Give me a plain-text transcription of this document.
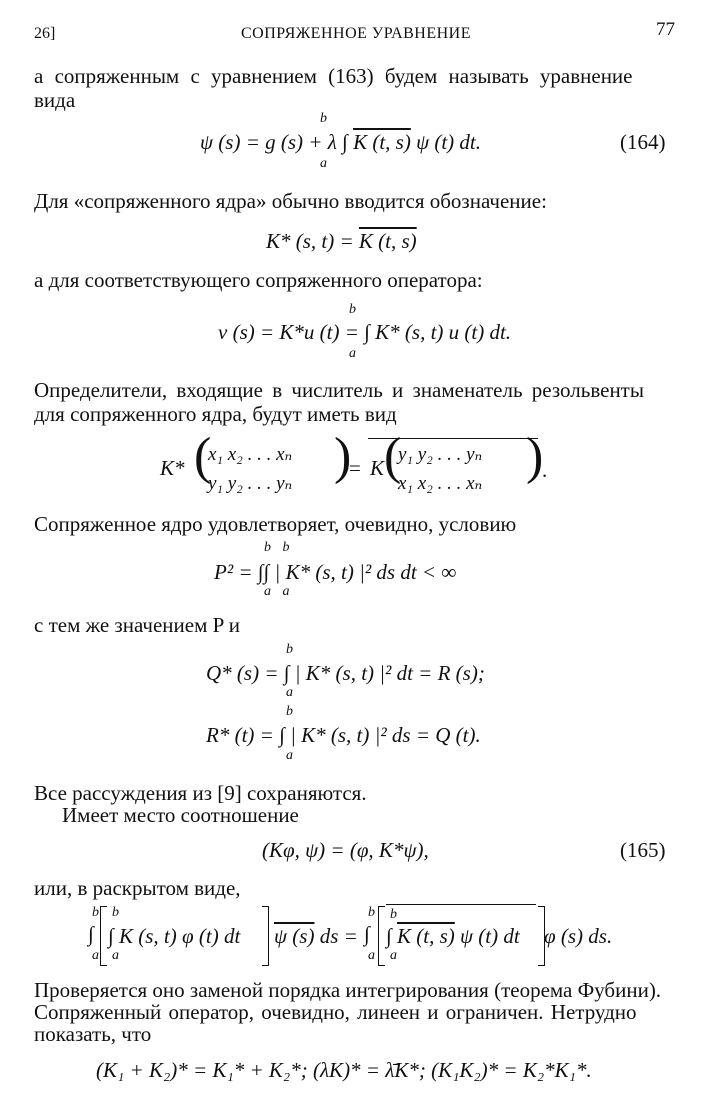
26]	СОПРЯЖЕННОЕ УРАВНЕНИЕ	77
а сопряженным с уравнением (163) будем называть уравнение
вида
b
ψ (s) = g (s) + λ ∫ K (t, s) ψ (t) dt.
a
(164)
Для «сопряженного ядра» обычно вводится обозначение:
K* (s, t) = K (t, s)
а для соответствующего сопряженного оператора:
b
v (s) = K*u (t) = ∫ K* (s, t) u (t) dt.
a
Определители, входящие в числитель и знаменатель резольвенты
для сопряженного ядра, будут иметь вид
K* (
x₁ x₂ . . . xₙ
y₁ y₂ . . . yₙ )
= K (
y₁ y₂ . . . yₙ
x₁ x₂ . . . xₙ )
.
Сопряженное ядро удовлетворяет, очевидно, условию
b b
P² = ∫∫ | K* (s, t) |² ds dt < ∞
a a
с тем же значением P и
b
Q* (s) = ∫ | K* (s, t) |² dt = R (s);
a
b
R* (t) = ∫ | K* (s, t) |² ds = Q (t).
a
Все рассуждения из [9] сохраняются.
Имеет место соотношение
(Kφ, ψ) = (φ, K*ψ),	(165)
или, в раскрытом виде,
b
∫
a
b
∫ K (s, t) φ (t) dt
a
ψ (s) ds =
b
∫
a
b
∫ K (t, s) ψ (t) dt
a
φ (s) ds.
Проверяется оно заменой порядка интегрирования (теорема Фубини).
Сопряженный оператор, очевидно, линеен и ограничен. Нетрудно
показать, что
(K₁ + K₂)* = K₁* + K₂*; (λK)* = λ̄K*; (K₁K₂)* = K₂*K₁*.
